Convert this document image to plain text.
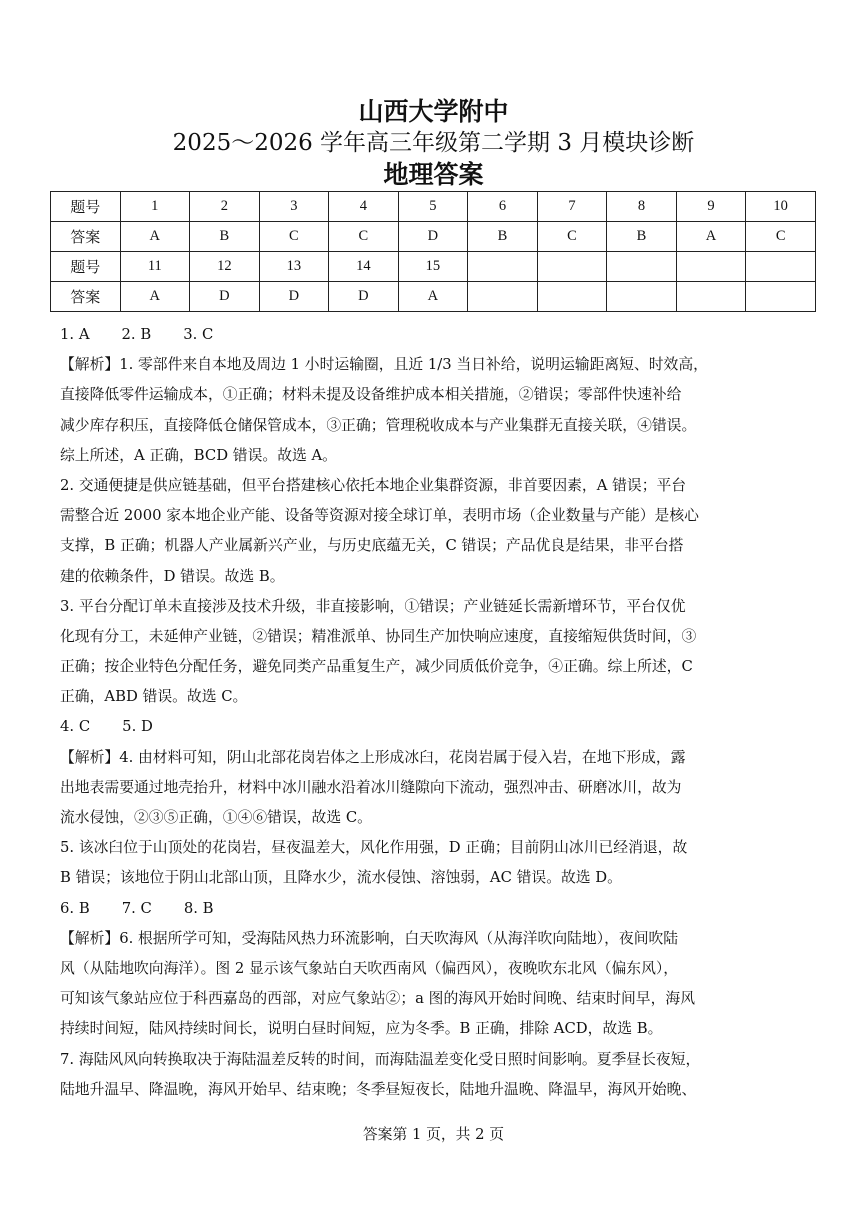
山西大学附中
2025～2026 学年高三年级第二学期 3 月模块诊断
地理答案
题号	1	2	3	4	5	6	7	8	9	10
答案	A	B	C	C	D	B	C	B	A	C
题号	11	12	13	14	15					
答案	A	D	D	D	A					
1. A 2. B 3. C
【解析】1. 零部件来自本地及周边 1 小时运输圈，且近 1/3 当日补给，说明运输距离短、时效高，
直接降低零件运输成本，①正确；材料未提及设备维护成本相关措施，②错误；零部件快速补给
减少库存积压，直接降低仓储保管成本，③正确；管理税收成本与产业集群无直接关联，④错误。
综上所述，A 正确，BCD 错误。故选 A。
2. 交通便捷是供应链基础，但平台搭建核心依托本地企业集群资源，非首要因素，A 错误；平台
需整合近 2000 家本地企业产能、设备等资源对接全球订单，表明市场（企业数量与产能）是核心
支撑，B 正确；机器人产业属新兴产业，与历史底蕴无关，C 错误；产品优良是结果，非平台搭
建的依赖条件，D 错误。故选 B。
3. 平台分配订单未直接涉及技术升级，非直接影响，①错误；产业链延长需新增环节，平台仅优
化现有分工，未延伸产业链，②错误；精准派单、协同生产加快响应速度，直接缩短供货时间，③
正确；按企业特色分配任务，避免同类产品重复生产，减少同质低价竞争，④正确。综上所述，C
正确，ABD 错误。故选 C。
4. C 5. D
【解析】4. 由材料可知，阴山北部花岗岩体之上形成冰臼，花岗岩属于侵入岩，在地下形成，露
出地表需要通过地壳抬升，材料中冰川融水沿着冰川缝隙向下流动，强烈冲击、研磨冰川，故为
流水侵蚀，②③⑤正确，①④⑥错误，故选 C。
5. 该冰臼位于山顶处的花岗岩，昼夜温差大，风化作用强，D 正确；目前阴山冰川已经消退，故
B 错误；该地位于阴山北部山顶，且降水少，流水侵蚀、溶蚀弱，AC 错误。故选 D。
6. B 7. C 8. B
【解析】6. 根据所学可知，受海陆风热力环流影响，白天吹海风（从海洋吹向陆地），夜间吹陆
风（从陆地吹向海洋）。图 2 显示该气象站白天吹西南风（偏西风），夜晚吹东北风（偏东风），
可知该气象站应位于科西嘉岛的西部，对应气象站②；a 图的海风开始时间晚、结束时间早，海风
持续时间短，陆风持续时间长，说明白昼时间短，应为冬季。B 正确，排除 ACD，故选 B。
7. 海陆风风向转换取决于海陆温差反转的时间，而海陆温差变化受日照时间影响。夏季昼长夜短，
陆地升温早、降温晚，海风开始早、结束晚；冬季昼短夜长，陆地升温晚、降温早，海风开始晚、
答案第 1 页，共 2 页
